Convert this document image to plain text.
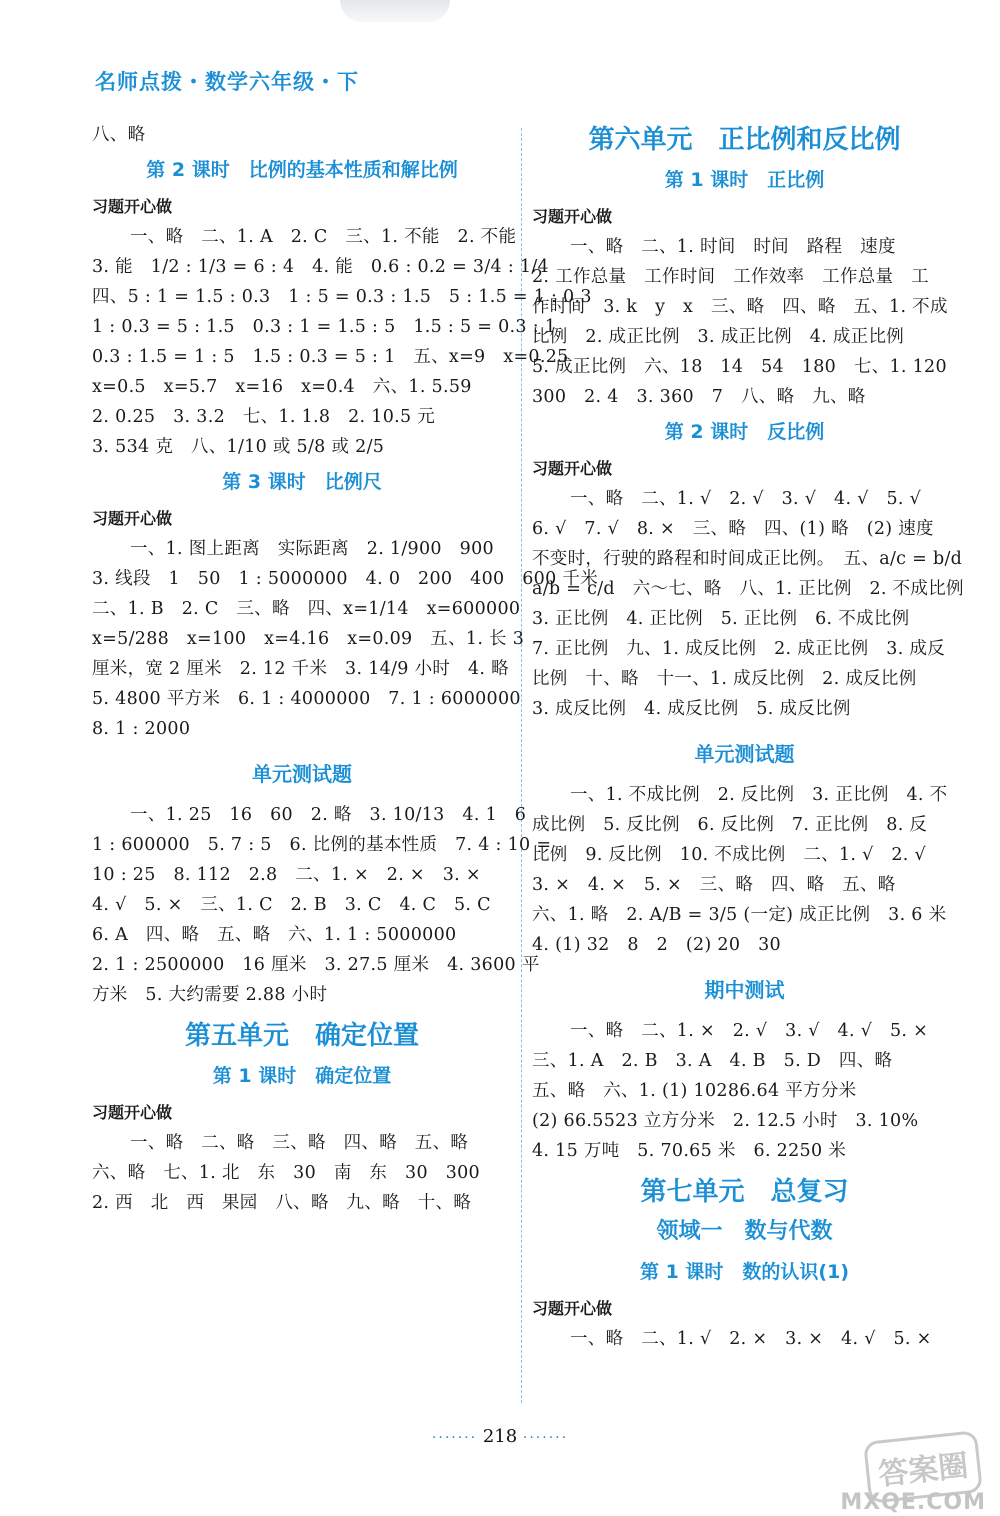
名师点拨・数学六年级・下
八、略
第 2 课时　比例的基本性质和解比例
习题开心做
一、略　二、1. A　2. C　三、1. 不能　2. 不能
3. 能　1/2 : 1/3 = 6 : 4　4. 能　0.6 : 0.2 = 3/4 : 1/4
四、5 : 1 = 1.5 : 0.3　1 : 5 = 0.3 : 1.5　5 : 1.5 = 1 : 0.3
1 : 0.3 = 5 : 1.5　0.3 : 1 = 1.5 : 5　1.5 : 5 = 0.3 : 1
0.3 : 1.5 = 1 : 5　1.5 : 0.3 = 5 : 1　五、x=9　x=0.25
x=0.5　x=5.7　x=16　x=0.4　六、1. 5.59
2. 0.25　3. 3.2　七、1. 1.8　2. 10.5 元
3. 534 克　八、1/10 或 5/8 或 2/5
第 3 课时　比例尺
习题开心做
一、1. 图上距离　实际距离　2. 1/900　900
3. 线段　1　50　1 : 5000000　4. 0　200　400　600 千米
二、1. B　2. C　三、略　四、x=1/14　x=600000
x=5/288　x=100　x=4.16　x=0.09　五、1. 长 3
厘米，宽 2 厘米　2. 12 千米　3. 14/9 小时　4. 略
5. 4800 平方米　6. 1 : 4000000　7. 1 : 6000000
8. 1 : 2000
单元测试题
一、1. 25　16　60　2. 略　3. 10/13　4. 1　6
1 : 600000　5. 7 : 5　6. 比例的基本性质　7. 4 : 10 =
10 : 25　8. 112　2.8　二、1. ×　2. ×　3. ×
4. √　5. ×　三、1. C　2. B　3. C　4. C　5. C
6. A　四、略　五、略　六、1. 1 : 5000000
2. 1 : 2500000　16 厘米　3. 27.5 厘米　4. 3600 平
方米　5. 大约需要 2.88 小时
第五单元　确定位置
第 1 课时　确定位置
习题开心做
一、略　二、略　三、略　四、略　五、略
六、略　七、1. 北　东　30　南　东　30　300
2. 西　北　西　果园　八、略　九、略　十、略
第六单元　正比例和反比例
第 1 课时　正比例
习题开心做
一、略　二、1. 时间　时间　路程　速度
2. 工作总量　工作时间　工作效率　工作总量　工
作时间　3. k　y　x　三、略　四、略　五、1. 不成
比例　2. 成正比例　3. 成正比例　4. 成正比例
5. 成正比例　六、18　14　54　180　七、1. 120
300　2. 4　3. 360　7　八、略　九、略
第 2 课时　反比例
习题开心做
一、略　二、1. √　2. √　3. √　4. √　5. √
6. √　7. √　8. ×　三、略　四、(1) 略　(2) 速度
不变时，行驶的路程和时间成正比例。　五、a/c = b/d
a/b = c/d　六～七、略　八、1. 正比例　2. 不成比例
3. 正比例　4. 正比例　5. 正比例　6. 不成比例
7. 正比例　九、1. 成反比例　2. 成正比例　3. 成反
比例　十、略　十一、1. 成反比例　2. 成反比例
3. 成反比例　4. 成反比例　5. 成反比例
单元测试题
一、1. 不成比例　2. 反比例　3. 正比例　4. 不
成比例　5. 反比例　6. 反比例　7. 正比例　8. 反
比例　9. 反比例　10. 不成比例　二、1. √　2. √
3. ×　4. ×　5. ×　三、略　四、略　五、略
六、1. 略　2. A/B = 3/5 (一定) 成正比例　3. 6 米
4. (1) 32　8　2　(2) 20　30
期中测试
一、略　二、1. ×　2. √　3. √　4. √　5. ×
三、1. A　2. B　3. A　4. B　5. D　四、略
五、略　六、1. (1) 10286.64 平方分米
(2) 66.5523 立方分米　2. 12.5 小时　3. 10%
4. 15 万吨　5. 70.65 米　6. 2250 米
第七单元　总复习
领域一　数与代数
第 1 课时　数的认识(1)
习题开心做
一、略　二、1. √　2. ×　3. ×　4. √　5. ×
······· 218 ·······
答案圈
MXQE.COM
